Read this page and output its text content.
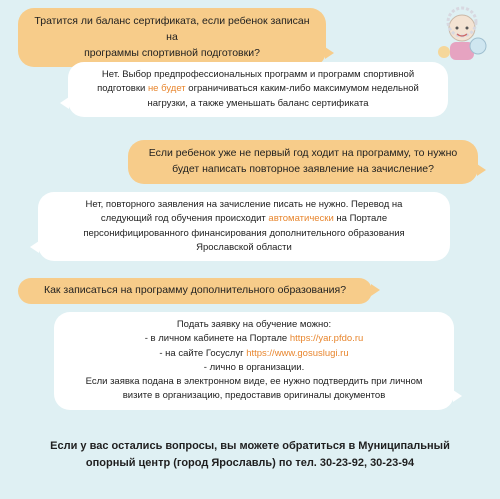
Тратится ли баланс сертификата, если ребенок записан на
программы спортивной подготовки?
Нет. Выбор предпрофессиональных программ и программ спортивной
подготовки не будет ограничиваться каким-либо максимумом недельной
нагрузки, а также уменьшать баланс сертификата
Если ребенок уже не первый год ходит на программу, то нужно
будет написать повторное заявление на зачисление?
Нет, повторного заявления на зачисление писать не нужно. Перевод на
следующий год обучения происходит автоматически на Портале
персонифицированного финансирования дополнительного образования
Ярославской области
Как записаться на программу дополнительного образования?
Подать заявку на обучение можно:
- в личном кабинете на Портале https://yar.pfdo.ru
- на сайте Госуслуг https://www.gosuslugi.ru
- лично в организации.
Если заявка подана в электронном виде, ее нужно подтвердить при личном
визите в организацию, предоставив оригиналы документов
Если у вас остались вопросы, вы можете обратиться в Муниципальный
опорный центр (город Ярославль) по тел. 30-23-92, 30-23-94
